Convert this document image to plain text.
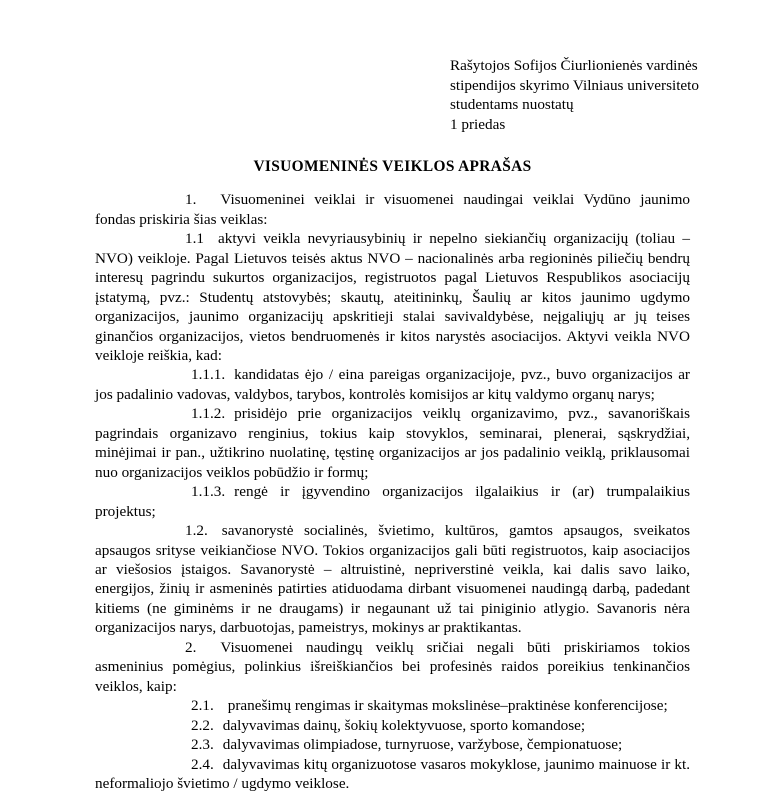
Rašytojos Sofijos Čiurlionienės vardinės
stipendijos skyrimo Vilniaus universiteto
studentams nuostatų
1 priedas
VISUOMENINĖS VEIKLOS APRAŠAS

1. Visuomeninei veiklai ir visuomenei naudingai veiklai Vydūno jaunimo fondas priskiria šias veiklas:

1.1 aktyvi veikla nevyriausybinių ir nepelno siekiančių organizacijų (toliau – NVO) veikloje. Pagal Lietuvos teisės aktus NVO – nacionalinės arba regioninės piliečių bendrų interesų pagrindu sukurtos organizacijos, registruotos pagal Lietuvos Respublikos asociacijų įstatymą, pvz.: Studentų atstovybės; skautų, ateitininkų, Šaulių ar kitos jaunimo ugdymo organizacijos, jaunimo organizacijų apskritieji stalai savivaldybėse, neįgaliųjų ar jų teises ginančios organizacijos, vietos bendruomenės ir kitos narystės asociacijos. Aktyvi veikla NVO veikloje reiškia, kad:

1.1.1. kandidatas ėjo / eina pareigas organizacijoje, pvz., buvo organizacijos ar jos padalinio vadovas, valdybos, tarybos, kontrolės komisijos ar kitų valdymo organų narys;

1.1.2. prisidėjo prie organizacijos veiklų organizavimo, pvz., savanoriškais pagrindais organizavo renginius, tokius kaip stovyklos, seminarai, plenerai, sąskrydžiai, minėjimai ir pan., užtikrino nuolatinę, tęstinę organizacijos ar jos padalinio veiklą, priklausomai nuo organizacijos veiklos pobūdžio ir formų;

1.1.3. rengė ir įgyvendino organizacijos ilgalaikius ir (ar) trumpalaikius projektus;

1.2. savanorystė socialinės, švietimo, kultūros, gamtos apsaugos, sveikatos apsaugos srityse veikiančiose NVO. Tokios organizacijos gali būti registruotos, kaip asociacijos ar viešosios įstaigos. Savanorystė – altruistinė, nepriverstinė veikla, kai dalis savo laiko, energijos, žinių ir asmeninės patirties atiduodama dirbant visuomenei naudingą darbą, padedant kitiems (ne giminėms ir ne draugams) ir negaunant už tai piniginio atlygio. Savanoris nėra organizacijos narys, darbuotojas, pameistrys, mokinys ar praktikantas.

2. Visuomenei naudingų veiklų sričiai negali būti priskiriamos tokios asmeninius pomėgius, polinkius išreiškiančios bei profesinės raidos poreikius tenkinančios veiklos, kaip:

2.1. pranešimų rengimas ir skaitymas mokslinėse–praktinėse konferencijose;

2.2. dalyvavimas dainų, šokių kolektyvuose, sporto komandose;

2.3. dalyvavimas olimpiadose, turnyruose, varžybose, čempionatuose;

2.4. dalyvavimas kitų organizuotose vasaros mokyklose, jaunimo mainuose ir kt. neformaliojo švietimo / ugdymo veiklose.
